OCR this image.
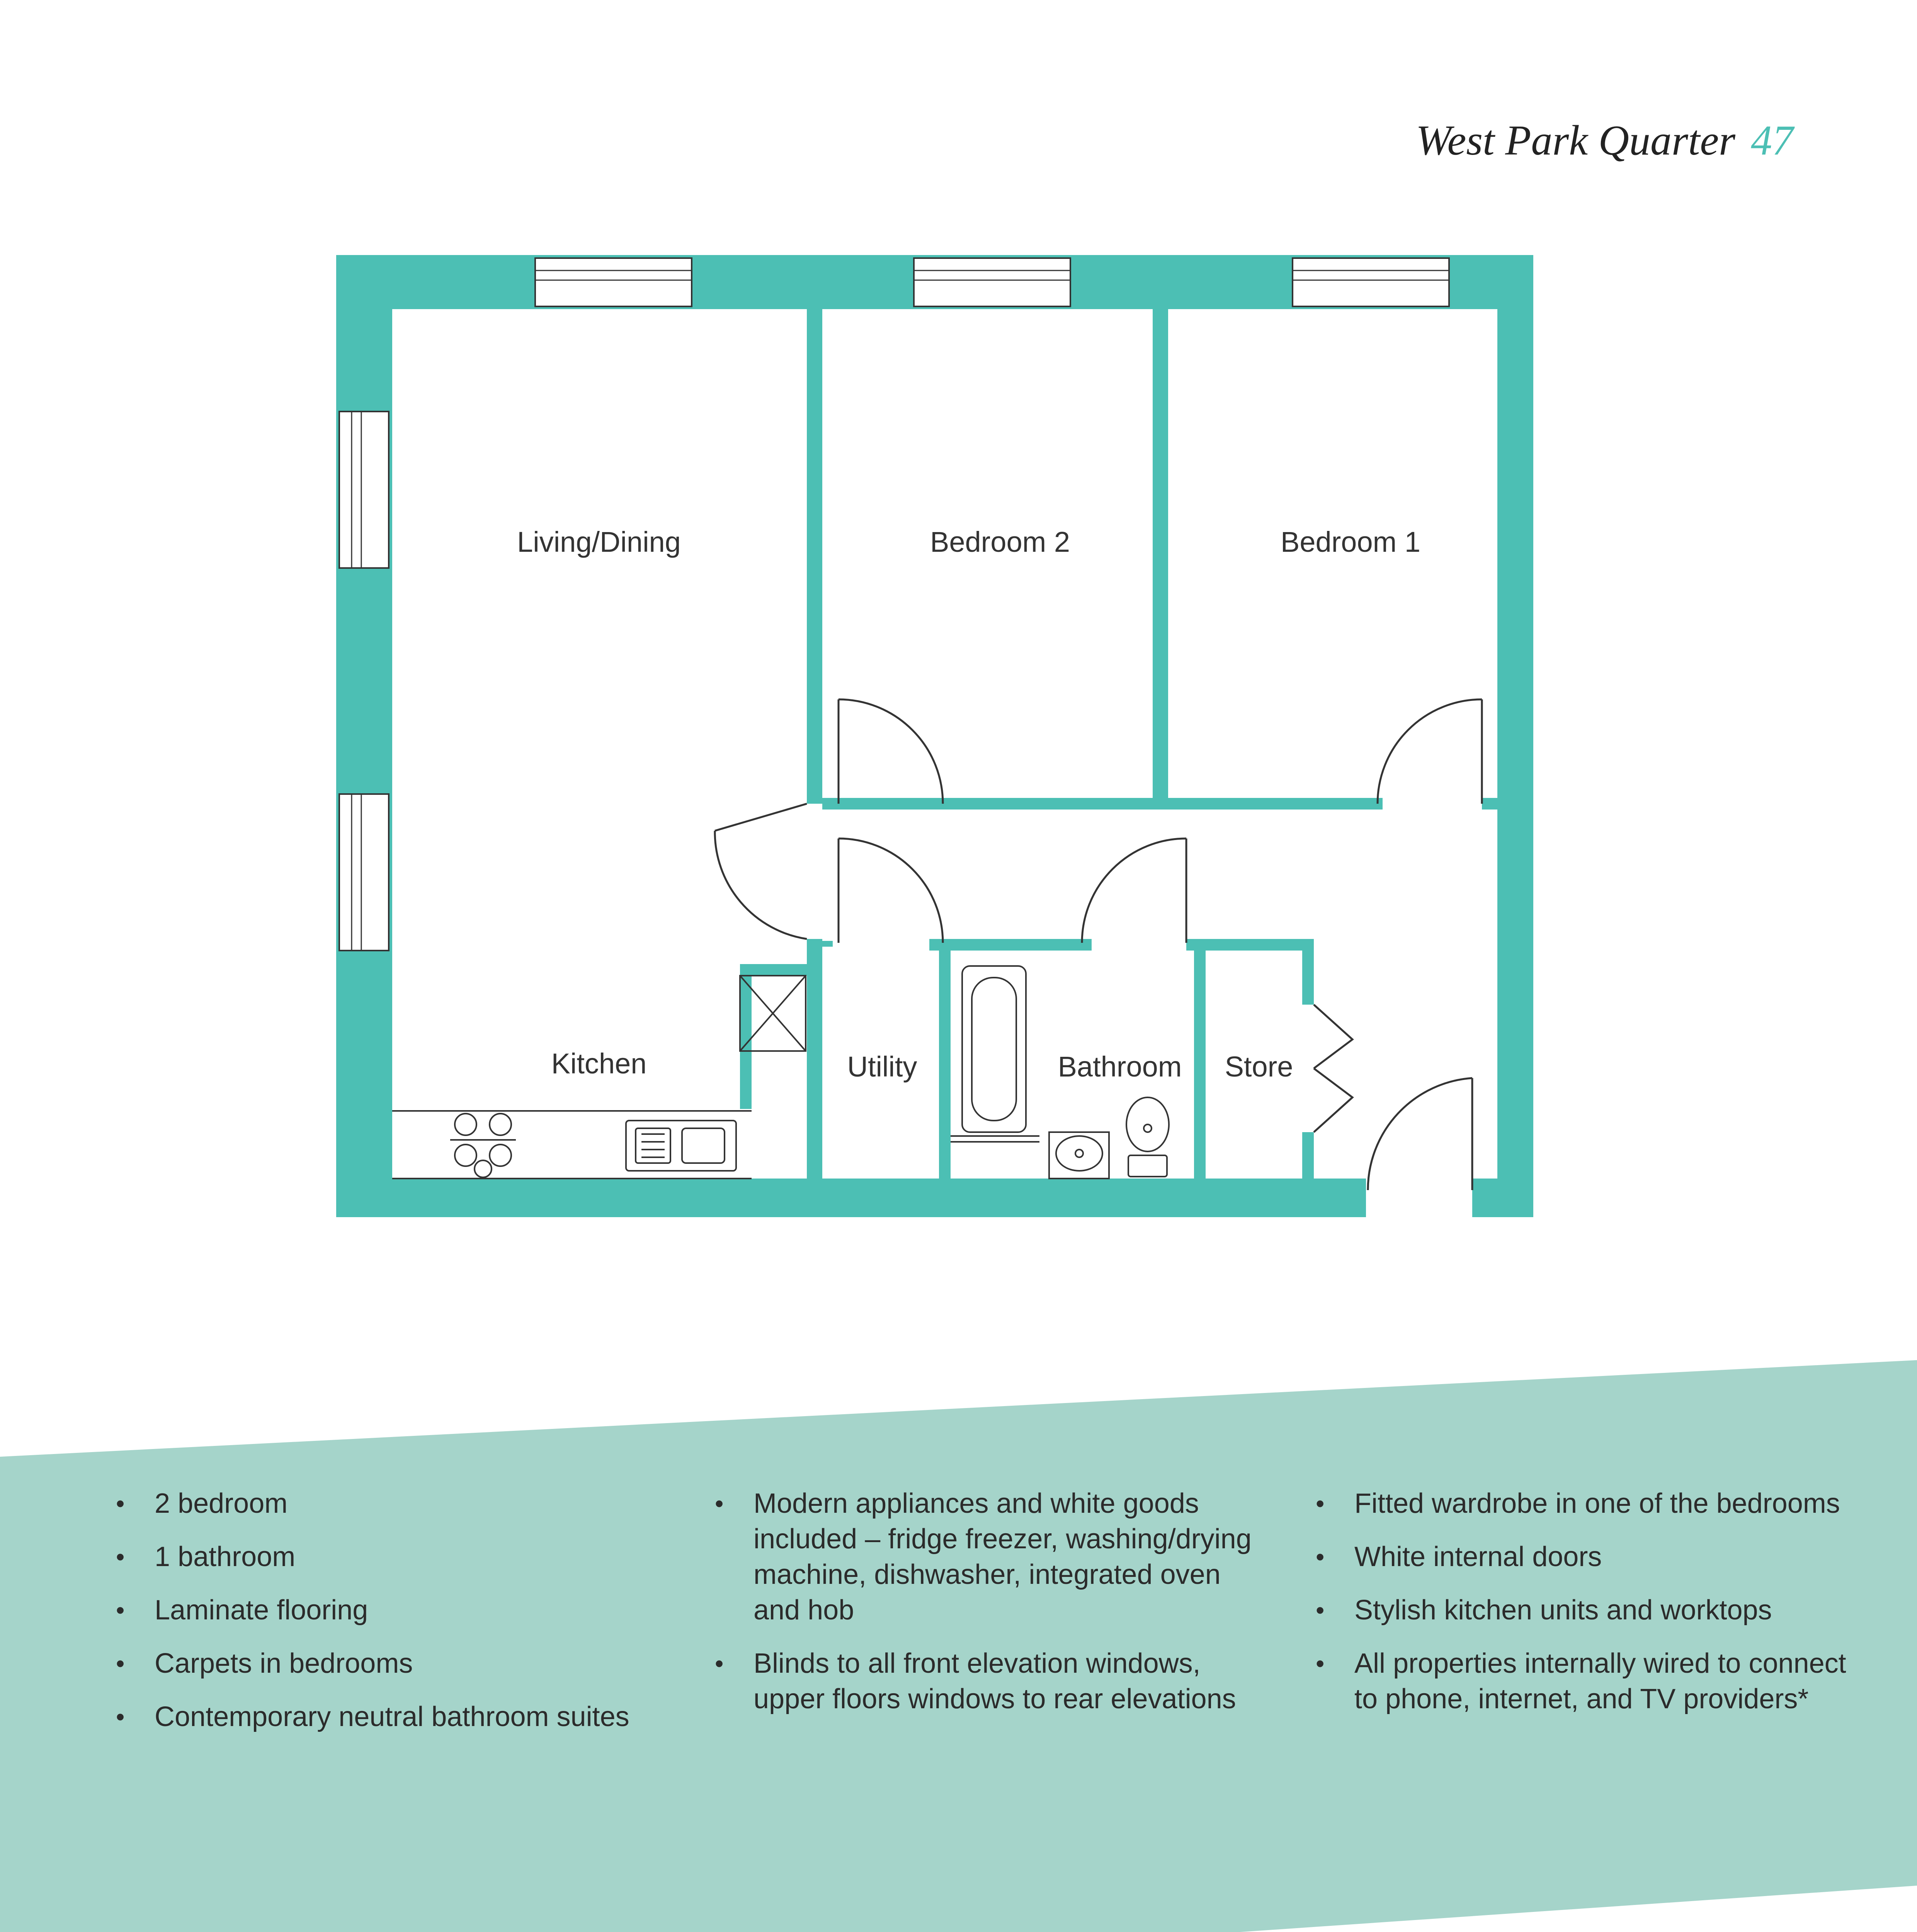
West Park Quarter 47
Living/Dining	Bedroom 2	Bedroom 1
Kitchen	Utility	Bathroom Store
• 2 bedroom
• 1 bathroom
• Laminate flooring
• Carpets in bedrooms
• Contemporary neutral bathroom suites
• Modern appliances and white goods included – fridge freezer, washing/drying machine, dishwasher, integrated oven and hob
• Blinds to all front elevation windows, upper floors windows to rear elevations
• Fitted wardrobe in one of the bedrooms
• White internal doors
• Stylish kitchen units and worktops
• All properties internally wired to connect to phone, internet, and TV providers*
